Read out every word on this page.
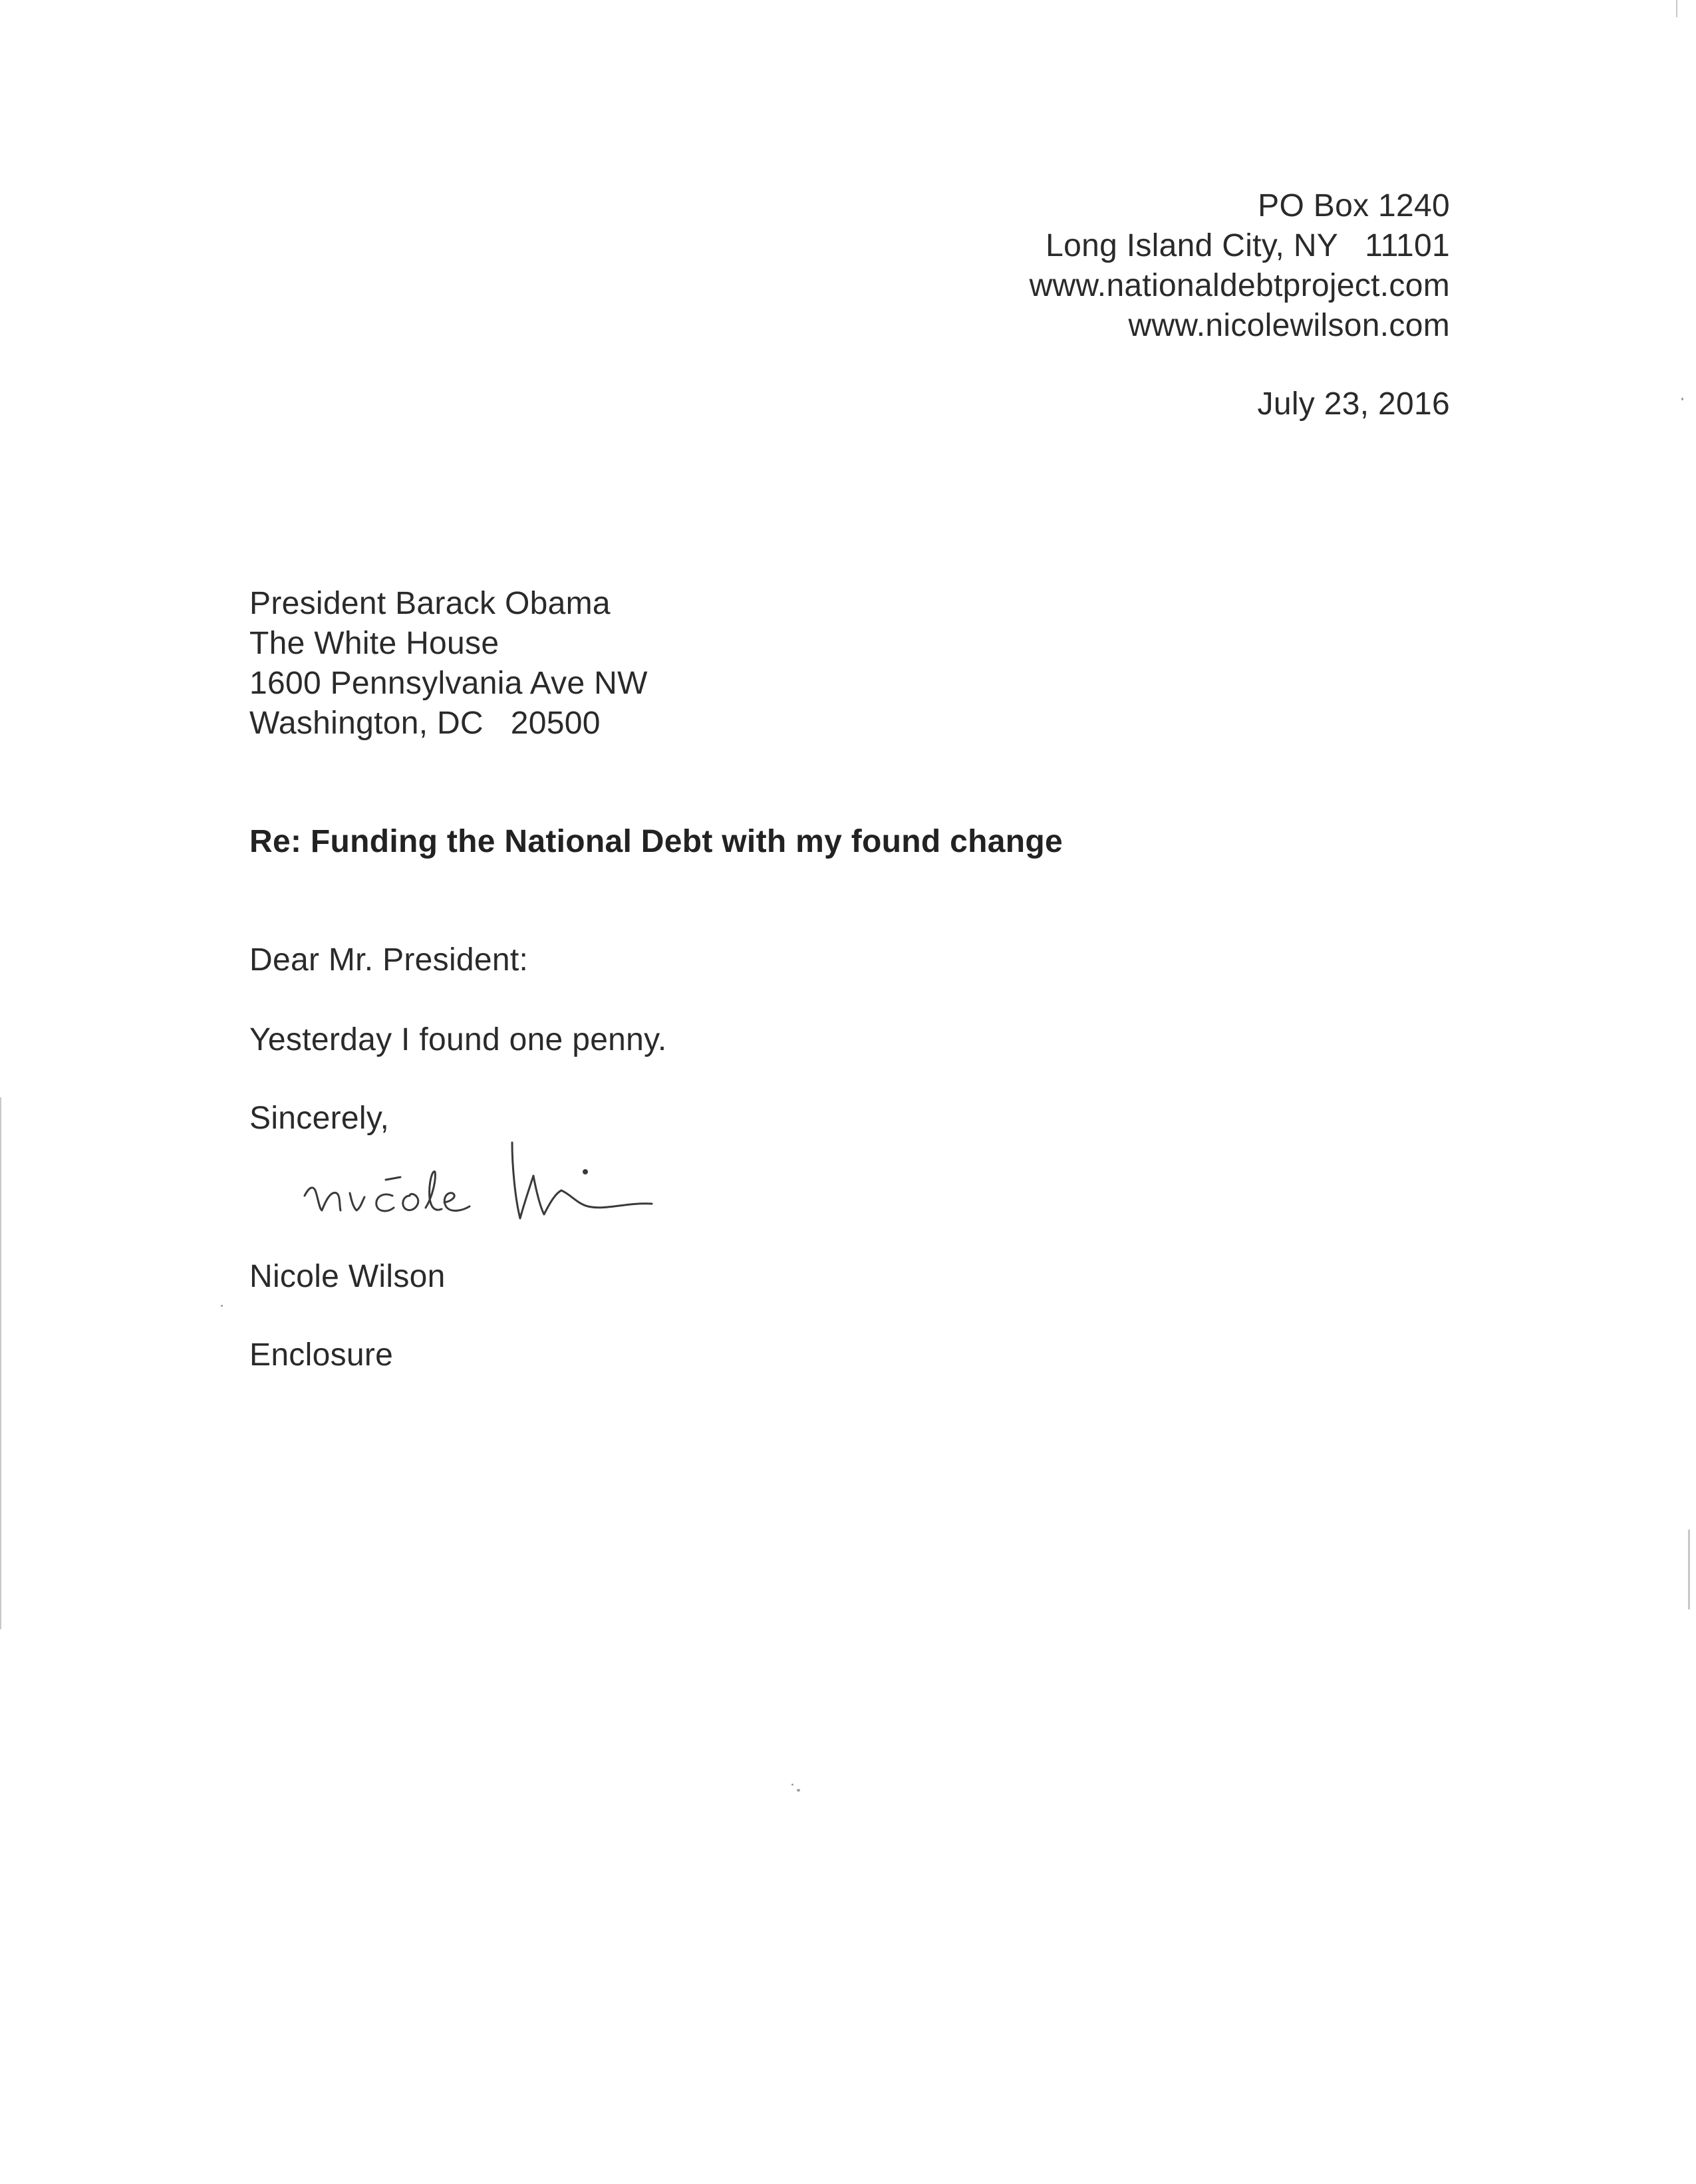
PO Box 1240
Long Island City, NY   11101
www.nationaldebtproject.com
www.nicolewilson.com
July 23, 2016
President Barack Obama
The White House
1600 Pennsylvania Ave NW
Washington, DC   20500
Re: Funding the National Debt with my found change
Dear Mr. President:
Yesterday I found one penny.
Sincerely,
Nicole Wilson
Enclosure
